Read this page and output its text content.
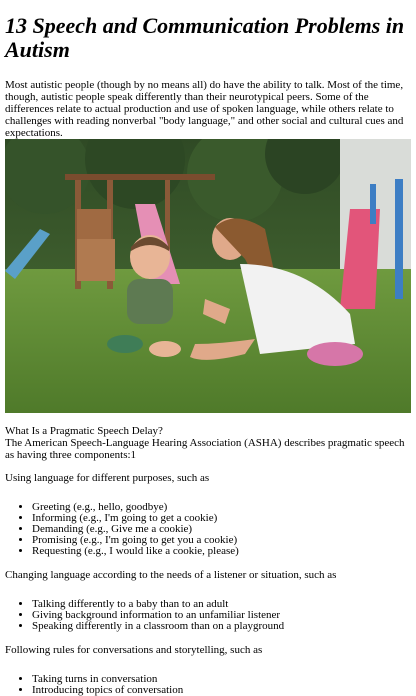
13 Speech and Communication Problems in Autism

Most autistic people (though by no means all) do have the ability to talk. Most of the time, though, autistic people speak differently than their neurotypical peers. Some of the differences relate to actual production and use of spoken language, while others relate to challenges with reading nonverbal "body language," and other social and cultural cues and expectations.

What Is a Pragmatic Speech Delay?

The American Speech-Language Hearing Association (ASHA) describes pragmatic speech as having three components:1

Using language for different purposes, such as

• Greeting (e.g., hello, goodbye)
• Informing (e.g., I'm going to get a cookie)
• Demanding (e.g., Give me a cookie)
• Promising (e.g., I'm going to get you a cookie)
• Requesting (e.g., I would like a cookie, please)

Changing language according to the needs of a listener or situation, such as

• Talking differently to a baby than to an adult
• Giving background information to an unfamiliar listener
• Speaking differently in a classroom than on a playground

Following rules for conversations and storytelling, such as

• Taking turns in conversation
• Introducing topics of conversation
